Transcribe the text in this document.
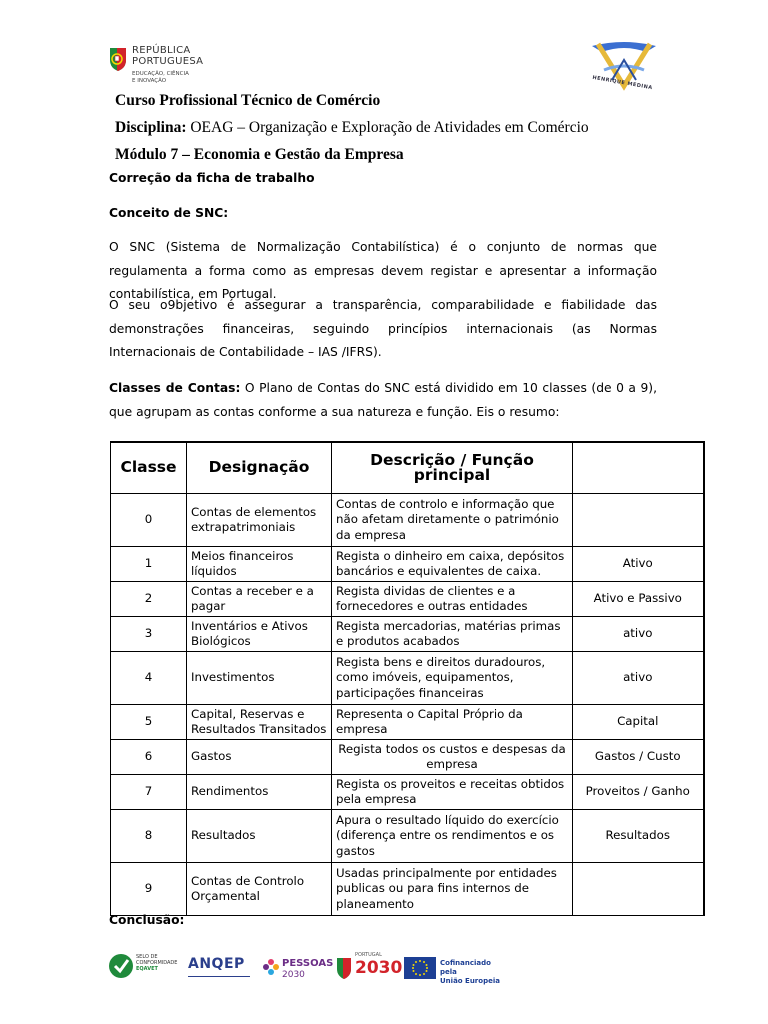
REPÚBLICA
PORTUGUESA
EDUCAÇÃO, CIÊNCIA
E INOVAÇÃO	HENRIQUE MEDINA
Curso Profissional Técnico de Comércio
Disciplina: OEAG – Organização e Exploração de Atividades em Comércio
Módulo 7 – Economia e Gestão da Empresa
Correção da ficha de trabalho
Conceito de SNC:
O SNC (Sistema de Normalização Contabilística) é o conjunto de normas que regulamenta a forma como as empresas devem registar e apresentar a informação contabilística, em Portugal.
O seu o9bjetivo é assegurar a transparência, comparabilidade e fiabilidade das demonstrações financeiras, seguindo princípios internacionais (as Normas Internacionais de Contabilidade – IAS /IFRS).
Classes de Contas: O Plano de Contas do SNC está dividido em 10 classes (de 0 a 9), que agrupam as contas conforme a sua natureza e função. Eis o resumo:
Classe	Designação	Descrição / Função principal	
0	Contas de elementos extrapatrimoniais	Contas de controlo e informação que não afetam diretamente o património da empresa	
1	Meios financeiros líquidos	Regista o dinheiro em caixa, depósitos bancários e equivalentes de caixa.	Ativo
2	Contas a receber e a pagar	Regista dividas de clientes e a fornecedores e outras entidades	Ativo e Passivo
3	Inventários e Ativos Biológicos	Regista mercadorias, matérias primas e produtos acabados	ativo
4	Investimentos	Regista bens e direitos duradouros, como imóveis, equipamentos, participações financeiras	ativo
5	Capital, Reservas e Resultados Transitados	Representa o Capital Próprio da empresa	Capital
6	Gastos	Regista todos os custos e despesas da empresa	Gastos / Custo
7	Rendimentos	Regista os proveitos e receitas obtidos pela empresa	Proveitos / Ganho
8	Resultados	Apura o resultado líquido do exercício (diferença entre os rendimentos e os gastos	Resultados
9	Contas de Controlo Orçamental	Usadas principalmente por entidades publicas ou para fins internos de planeamento	
Conclusão:
SELO DE
CONFORMIDADE
EQAVET	ANQEP	PESSOAS
2030
PORTUGAL
2030	Cofinanciado pela
União Europeia
